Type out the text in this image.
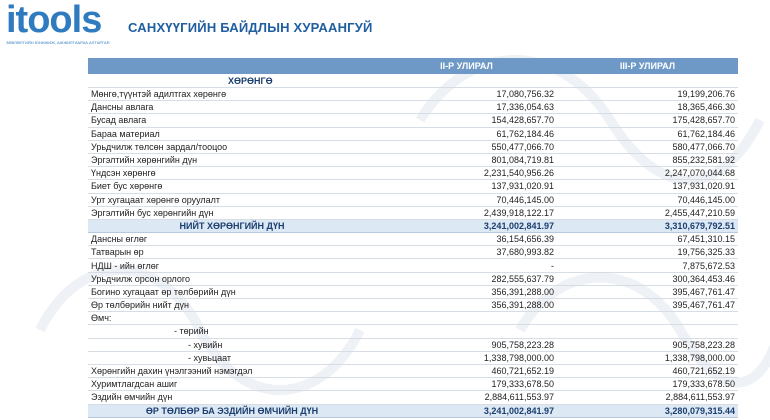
itools
ЗӨВЛӨЛТИЙН ЮНИЖИЖ, АЖЖИЛТААРАА АЛТАРГАЯ
САНХҮҮГИЙН БАЙДЛЫН ХУРААНГУЙ
	II-Р УЛИРАЛ	III-Р УЛИРАЛ
ХӨРӨНГӨ		
Мөнгө,түүнтэй адилтгах хөрөнгө	17,080,756.32	19,199,206.76
Дансны авлага	17,336,054.63	18,365,466.30
Бусад авлага	154,428,657.70	175,428,657.70
Бараа материал	61,762,184.46	61,762,184.46
Урьдчилж төлсөн зардал/тооцоо	550,477,066.70	580,477,066.70
Эргэлтийн хөрөнгийн дүн	801,084,719.81	855,232,581.92
Үндсэн хөрөнгө	2,231,540,956.26	2,247,070,044.68
Биет бус хөрөнгө	137,931,020.91	137,931,020.91
Урт хугацаат хөрөнгө оруулалт	70,446,145.00	70,446,145.00
Эргэлтийн бус хөрөнгийн дүн	2,439,918,122.17	2,455,447,210.59
НИЙТ ХӨРӨНГИЙН ДҮН	3,241,002,841.97	3,310,679,792.51
Дансны өглөг	36,154,656.39	67,451,310.15
Татварын өр	37,680,993.82	19,756,325.33
НДШ - ийн өглөг	-	7,875,672.53
Урьдчилж орсон орлого	282,555,637.79	300,364,453.46
Богино хугацаат өр төлбөрийн дүн	356,391,288.00	395,467,761.47
Өр төлбөрийн нийт дүн	356,391,288.00	395,467,761.47
Өмч:		
- төрийн		
- хувийн	905,758,223.28	905,758,223.28
- хувьцаат	1,338,798,000.00	1,338,798,000.00
Хөрөнгийн дахин үнэлгээний нэмэгдэл	460,721,652.19	460,721,652.19
Хуримтлагдсан ашиг	179,333,678.50	179,333,678.50
Эздийн өмчийн дүн	2,884,611,553.97	2,884,611,553.97
ӨР ТӨЛБӨР БА ЭЗДИЙН ӨМЧИЙН ДҮН	3,241,002,841.97	3,280,079,315.44
